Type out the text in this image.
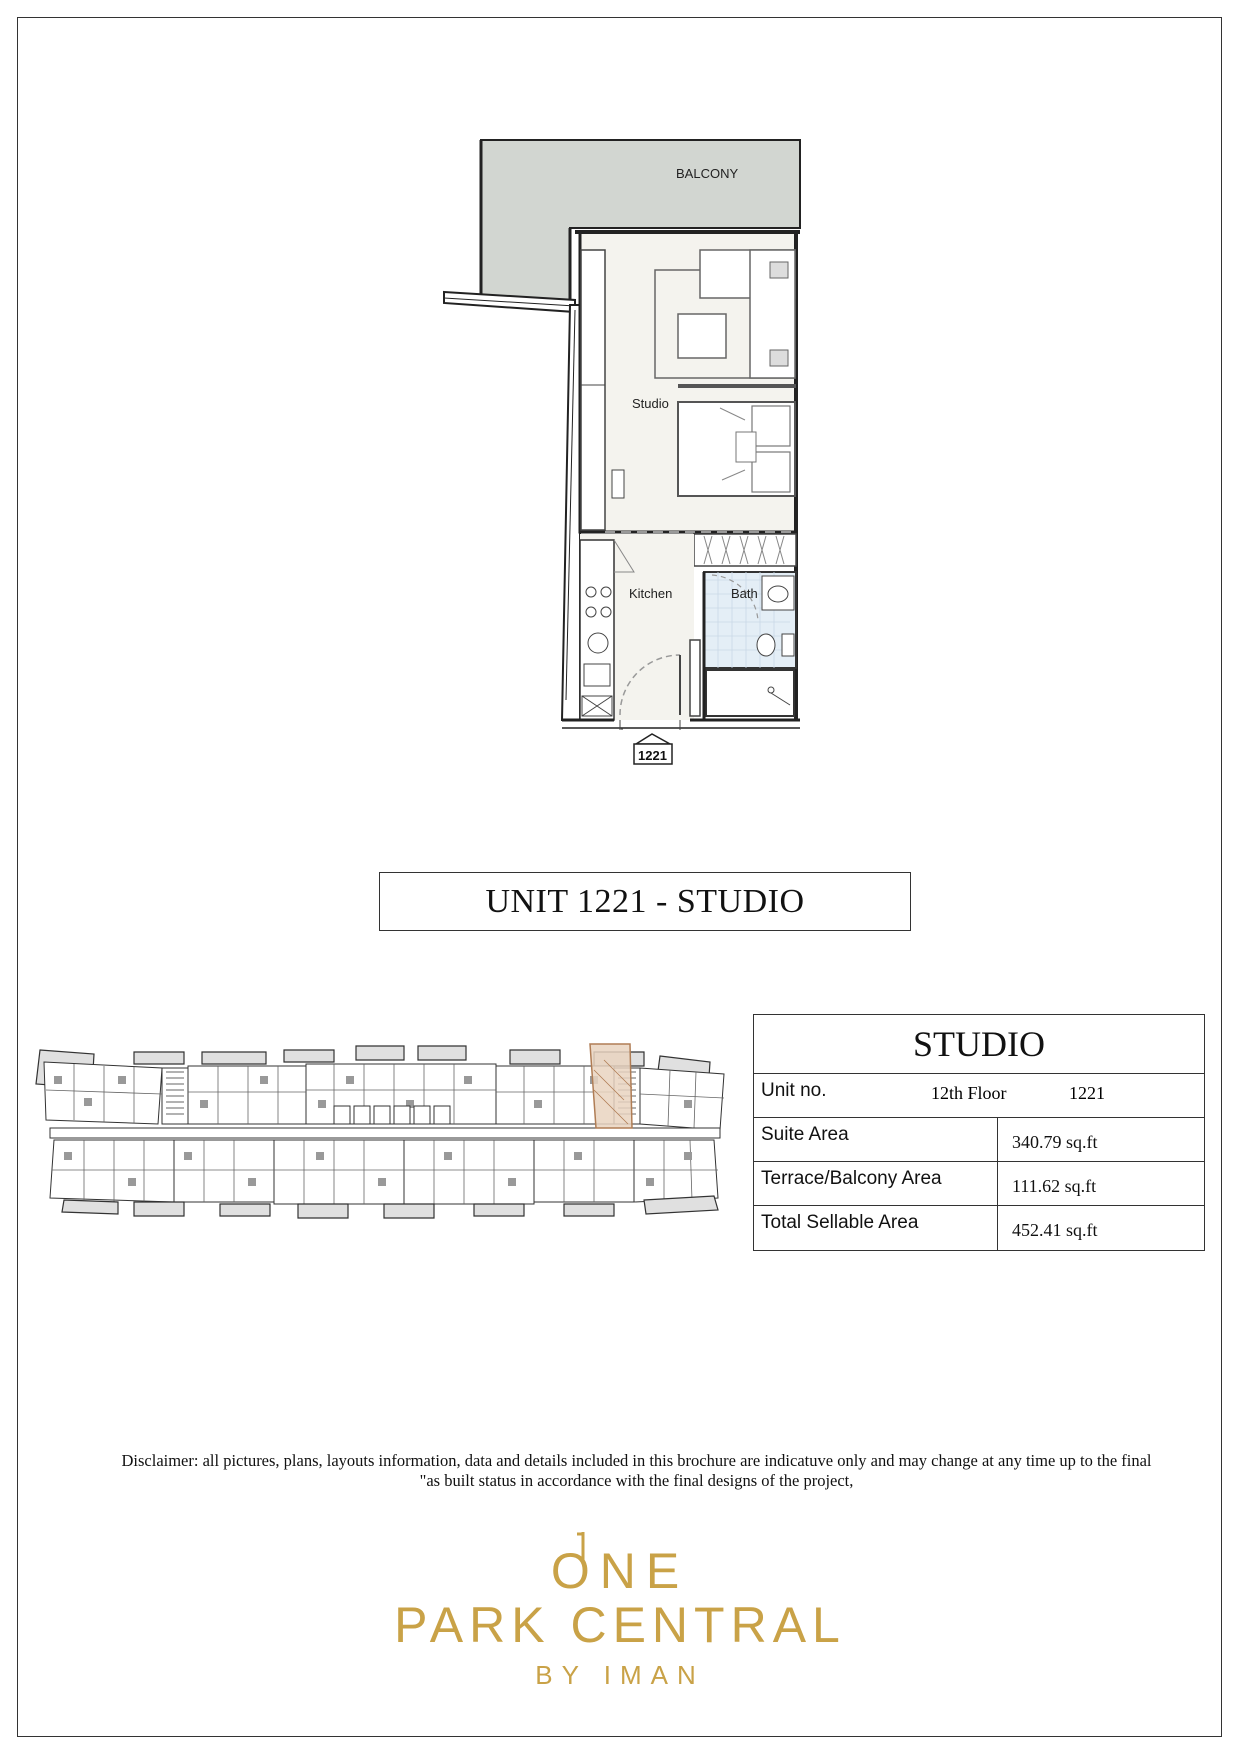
BALCONY
Studio
Kitchen	Bath
1221
UNIT 1221 - STUDIO
STUDIO
Unit no.	12th Floor	1221
Suite Area	340.79 sq.ft
Terrace/Balcony Area	111.62 sq.ft
Total Sellable Area	452.41 sq.ft
Disclaimer: all pictures, plans, layouts information, data and details included in this brochure are indicatuve only and may change at any time up to the final
"as built status in accordance with the final designs of the project,
ONE
PARK CENTRAL
BY IMAN
